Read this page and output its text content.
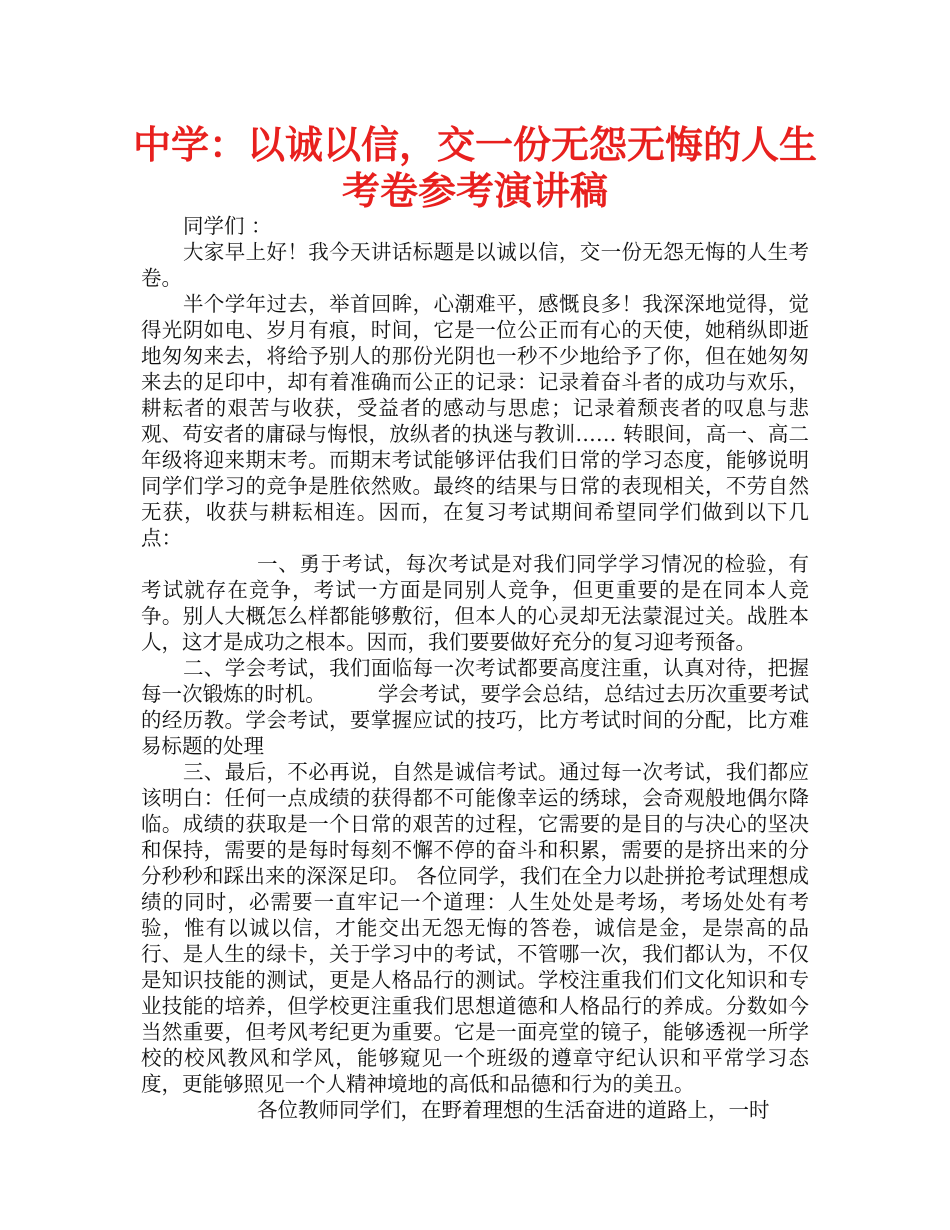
中学：以诚以信，交一份无怨无悔的人生
考卷参考演讲稿

同学们 ：

大家早上好！我今天讲话标题是以诚以信，交一份无怨无悔的人生考卷。

半个学年过去，举首回眸，心潮难平，感慨良多！我深深地觉得，觉得光阴如电、岁月有痕，时间，它是一位公正而有心的天使，她稍纵即逝地匆匆来去，将给予别人的那份光阴也一秒不少地给予了你，但在她匆匆来去的足印中，却有着准确而公正的记录：记录着奋斗者的成功与欢乐，耕耘者的艰苦与收获，受益者的感动与思虑；记录着颓丧者的叹息与悲观、苟安者的庸碌与悔恨，放纵者的执迷与教训…… 转眼间，高一、高二年级将迎来期末考。而期末考试能够评估我们日常的学习态度，能够说明同学们学习的竞争是胜依然败。最终的结果与日常的表现相关，不劳自然无获，收获与耕耘相连。因而，在复习考试期间希望同学们做到以下几点：

一、勇于考试，每次考试是对我们同学学习情况的检验，有考试就存在竞争，考试一方面是同别人竞争，但更重要的是在同本人竞争。别人大概怎么样都能够敷衍，但本人的心灵却无法蒙混过关。战胜本人，这才是成功之根本。因而，我们要要做好充分的复习迎考预备。

二、学会考试，我们面临每一次考试都要高度注重，认真对待，把握每一次锻炼的时机。	学会考试，要学会总结，总结过去历次重要考试的经历教。学会考试，要掌握应试的技巧，比方考试时间的分配，比方难易标题的处理

三、最后，不必再说，自然是诚信考试。通过每一次考试，我们都应该明白：任何一点成绩的获得都不可能像幸运的绣球，会奇观般地偶尔降临。成绩的获取是一个日常的艰苦的过程，它需要的是目的与决心的坚决和保持，需要的是每时每刻不懈不停的奋斗和积累，需要的是挤出来的分分秒秒和踩出来的深深足印。 各位同学，我们在全力以赴拼抢考试理想成绩的同时，必需要一直牢记一个道理：人生处处是考场，考场处处有考验，惟有以诚以信，才能交出无怨无悔的答卷，诚信是金，是崇高的品行、是人生的绿卡，关于学习中的考试，不管哪一次，我们都认为，不仅是知识技能的测试，更是人格品行的测试。学校注重我们们文化知识和专业技能的培养，但学校更注重我们思想道德和人格品行的养成。分数如今当然重要，但考风考纪更为重要。它是一面亮堂的镜子，能够透视一所学校的校风教风和学风，能够窥见一个班级的遵章守纪认识和平常学习态度，更能够照见一个人精神境地的高低和品德和行为的美丑。

各位教师同学们，在野着理想的生活奋进的道路上，一时
